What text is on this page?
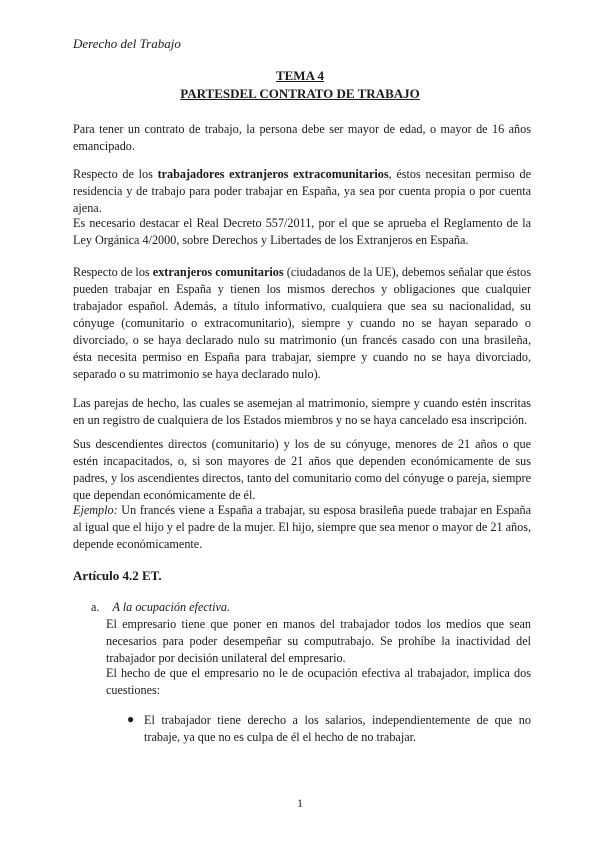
Derecho del Trabajo
TEMA 4
PARTESDEL CONTRATO DE TRABAJO
Para tener un contrato de trabajo, la persona debe ser mayor de edad, o mayor de 16 años emancipado.
Respecto de los trabajadores extranjeros extracomunitarios, éstos necesitan permiso de residencia y de trabajo para poder trabajar en España, ya sea por cuenta propia o por cuenta ajena.
Es necesario destacar el Real Decreto 557/2011, por el que se aprueba el Reglamento de la Ley Orgánica 4/2000, sobre Derechos y Libertades de los Extranjeros en España.
Respecto de los extranjeros comunitarios (ciudadanos de la UE), debemos señalar que éstos pueden trabajar en España y tienen los mismos derechos y obligaciones que cualquier trabajador español. Además, a título informativo, cualquiera que sea su nacionalidad, su cónyuge (comunitario o extracomunitario), siempre y cuando no se hayan separado o divorciado, o se haya declarado nulo su matrimonio (un francés casado con una brasileña, ésta necesita permiso en España para trabajar, siempre y cuando no se haya divorciado, separado o su matrimonio se haya declarado nulo).
Las parejas de hecho, las cuales se asemejan al matrimonio, siempre y cuando estén inscritas en un registro de cualquiera de los Estados miembros y no se haya cancelado esa inscripción.
Sus descendientes directos (comunitario) y los de su cónyuge, menores de 21 años o que estén incapacitados, o, si son mayores de 21 años que dependen económicamente de sus padres, y los ascendientes directos, tanto del comunitario como del cónyuge o pareja, siempre que dependan económicamente de él.
Ejemplo: Un francés viene a España a trabajar, su esposa brasileña puede trabajar en España al igual que el hijo y el padre de la mujer. El hijo, siempre que sea menor o mayor de 21 años, depende económicamente.
Artículo 4.2 ET.
a. A la ocupación efectiva.
El empresario tiene que poner en manos del trabajador todos los medios que sean necesarios para poder desempeñar su computrabajo. Se prohíbe la inactividad del trabajador por decisión unilateral del empresario.
El hecho de que el empresario no le de ocupación efectiva al trabajador, implica dos cuestiones:
● El trabajador tiene derecho a los salarios, independientemente de que no trabaje, ya que no es culpa de él el hecho de no trabajar.
1
